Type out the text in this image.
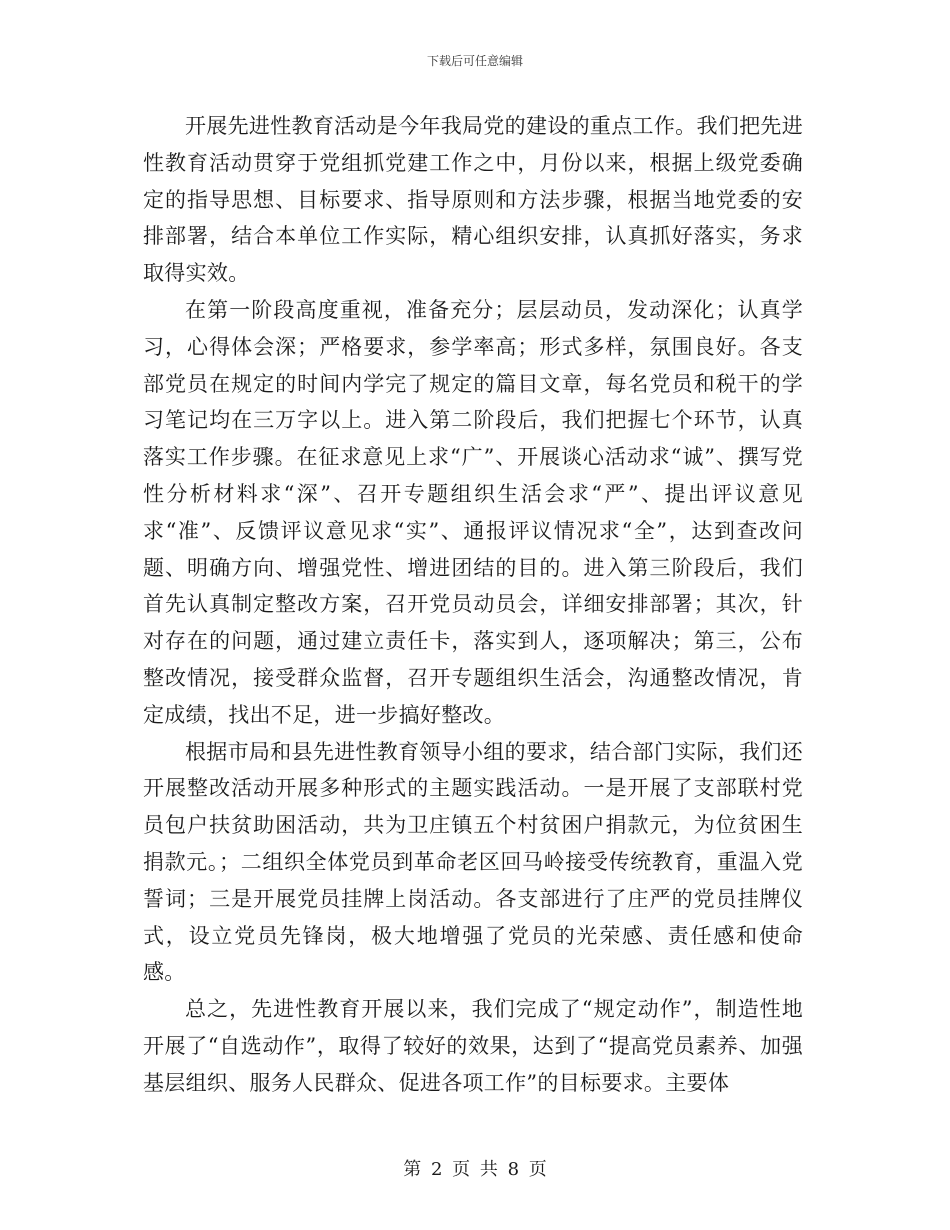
下载后可任意编辑

开展先进性教育活动是今年我局党的建设的重点工作。我们把先进性教育活动贯穿于党组抓党建工作之中，月份以来，根据上级党委确定的指导思想、目标要求、指导原则和方法步骤，根据当地党委的安排部署，结合本单位工作实际，精心组织安排，认真抓好落实，务求取得实效。

在第一阶段高度重视，准备充分；层层动员，发动深化；认真学习，心得体会深；严格要求，参学率高；形式多样，氛围良好。各支部党员在规定的时间内学完了规定的篇目文章，每名党员和税干的学习笔记均在三万字以上。进入第二阶段后，我们把握七个环节，认真落实工作步骤。在征求意见上求“广”、开展谈心活动求“诚”、撰写党性分析材料求“深”、召开专题组织生活会求“严”、提出评议意见求“准”、反馈评议意见求“实”、通报评议情况求“全”，达到查改问题、明确方向、增强党性、增进团结的目的。进入第三阶段后，我们首先认真制定整改方案，召开党员动员会，详细安排部署；其次，针对存在的问题，通过建立责任卡，落实到人，逐项解决；第三，公布整改情况，接受群众监督，召开专题组织生活会，沟通整改情况，肯定成绩，找出不足，进一步搞好整改。

根据市局和县先进性教育领导小组的要求，结合部门实际，我们还开展整改活动开展多种形式的主题实践活动。一是开展了支部联村党员包户扶贫助困活动，共为卫庄镇五个村贫困户捐款元，为位贫困生捐款元。；二组织全体党员到革命老区回马岭接受传统教育，重温入党誓词；三是开展党员挂牌上岗活动。各支部进行了庄严的党员挂牌仪式，设立党员先锋岗，极大地增强了党员的光荣感、责任感和使命感。

总之，先进性教育开展以来，我们完成了“规定动作”，制造性地开展了“自选动作”，取得了较好的效果，达到了“提高党员素养、加强基层组织、服务人民群众、促进各项工作”的目标要求。主要体

第 2 页 共 8 页
